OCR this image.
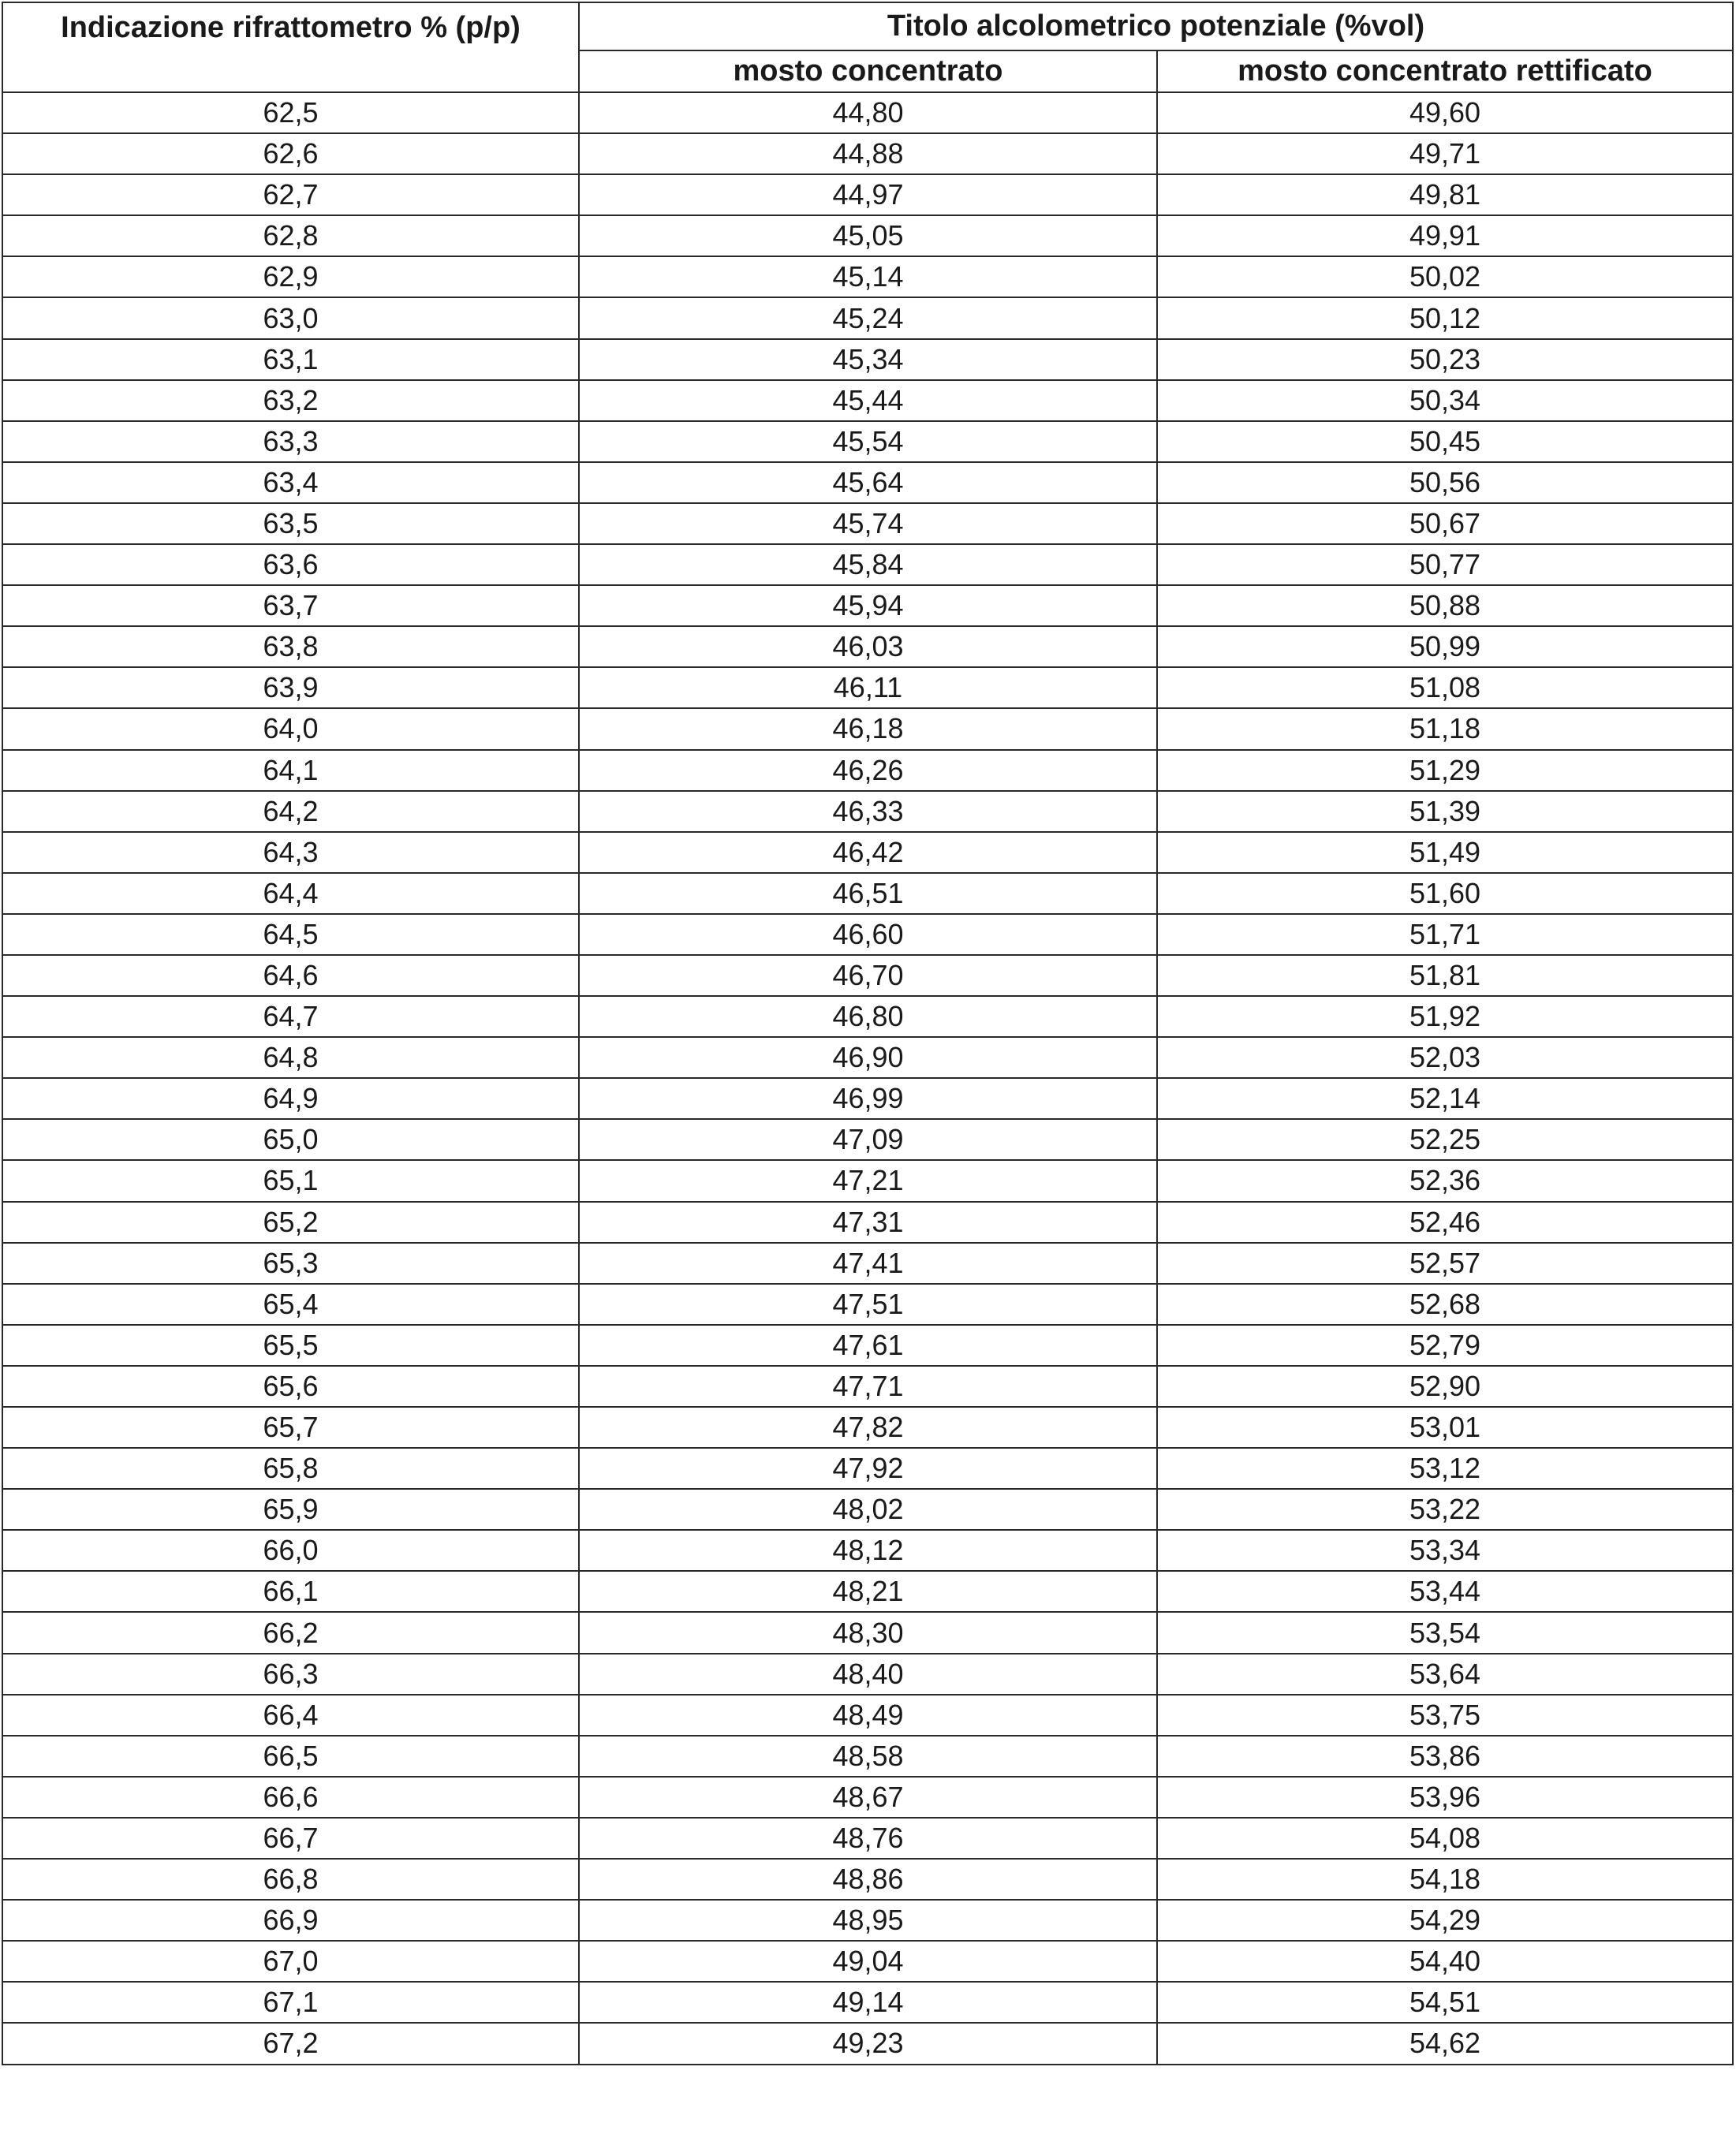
Indicazione rifrattometro % (p/p)	Titolo alcolometrico potenziale (%vol)	
	mosto concentrato	mosto concentrato rettificato
62,5	44,80	49,60
62,6	44,88	49,71
62,7	44,97	49,81
62,8	45,05	49,91
62,9	45,14	50,02
63,0	45,24	50,12
63,1	45,34	50,23
63,2	45,44	50,34
63,3	45,54	50,45
63,4	45,64	50,56
63,5	45,74	50,67
63,6	45,84	50,77
63,7	45,94	50,88
63,8	46,03	50,99
63,9	46,11	51,08
64,0	46,18	51,18
64,1	46,26	51,29
64,2	46,33	51,39
64,3	46,42	51,49
64,4	46,51	51,60
64,5	46,60	51,71
64,6	46,70	51,81
64,7	46,80	51,92
64,8	46,90	52,03
64,9	46,99	52,14
65,0	47,09	52,25
65,1	47,21	52,36
65,2	47,31	52,46
65,3	47,41	52,57
65,4	47,51	52,68
65,5	47,61	52,79
65,6	47,71	52,90
65,7	47,82	53,01
65,8	47,92	53,12
65,9	48,02	53,22
66,0	48,12	53,34
66,1	48,21	53,44
66,2	48,30	53,54
66,3	48,40	53,64
66,4	48,49	53,75
66,5	48,58	53,86
66,6	48,67	53,96
66,7	48,76	54,08
66,8	48,86	54,18
66,9	48,95	54,29
67,0	49,04	54,40
67,1	49,14	54,51
67,2	49,23	54,62
